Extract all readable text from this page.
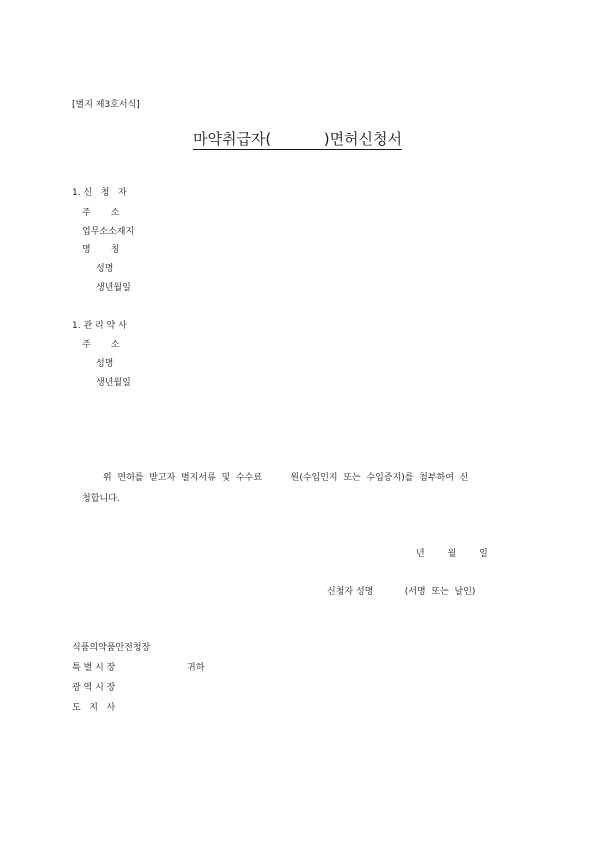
[별지 제3호서식]
마약취급자(           )면허신청서
1. 신   청   자
주       소
업무소소재지
명       칭
성명
생년월일
1. 관 리 약 사
주       소
성명
생년월일
위  면허를  받고자  별지서류  및  수수료          원(수입인지  또는  수입증지)를  첨부하여  신
청합니다.
년        월        일
신청자 성명           (서명  또는  날인)
식품의약품안전청장
특 별 시 장	귀하
광 역 시 장
도   지   사
